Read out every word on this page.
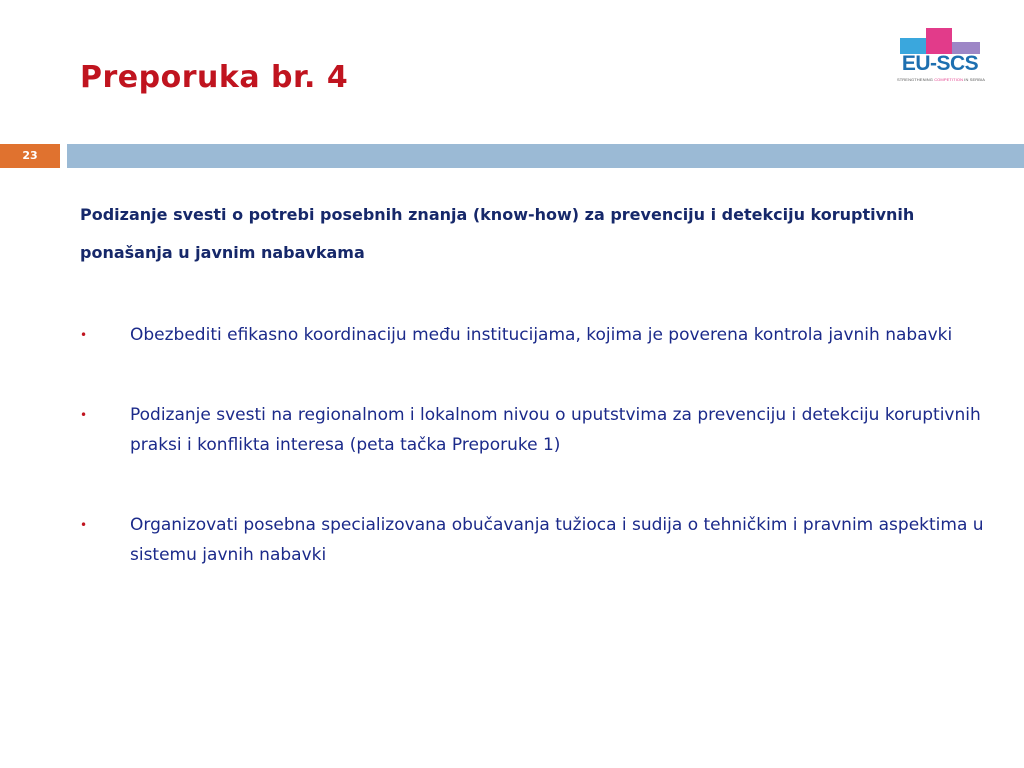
Preporuka br. 4	EU-SCS
STRENGTHENING COMPETITION IN SERBIA
23
Podizanje svesti o potrebi posebnih znanja (know-how) za prevenciju i detekciju koruptivnih ponašanja u javnim nabavkama
•	Obezbediti efikasno koordinaciju među institucijama, kojima je poverena kontrola javnih nabavki
•	Podizanje svesti na regionalnom i lokalnom nivou o uputstvima za prevenciju i detekciju koruptivnih praksi i konflikta interesa (peta tačka Preporuke 1)
•	Organizovati posebna specializovana obučavanja tužioca i sudija o tehničkim i pravnim aspektima u sistemu javnih nabavki
